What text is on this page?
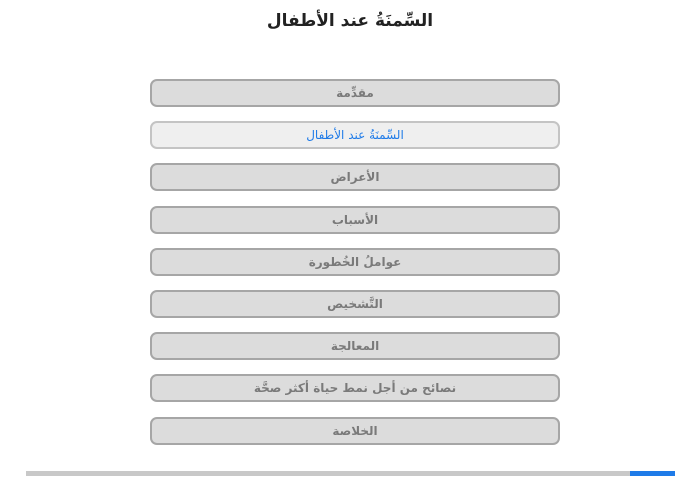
السِّمنَةُ عند الأطفال
مقدِّمة
السِّمنَةُ عند الأطفال
الأعراض
الأسباب
عواملُ الخُطورة
التَّشخيص
المعالجة
نصائح من أجل نمط حياة أكثر صحَّة
الخلاصة
